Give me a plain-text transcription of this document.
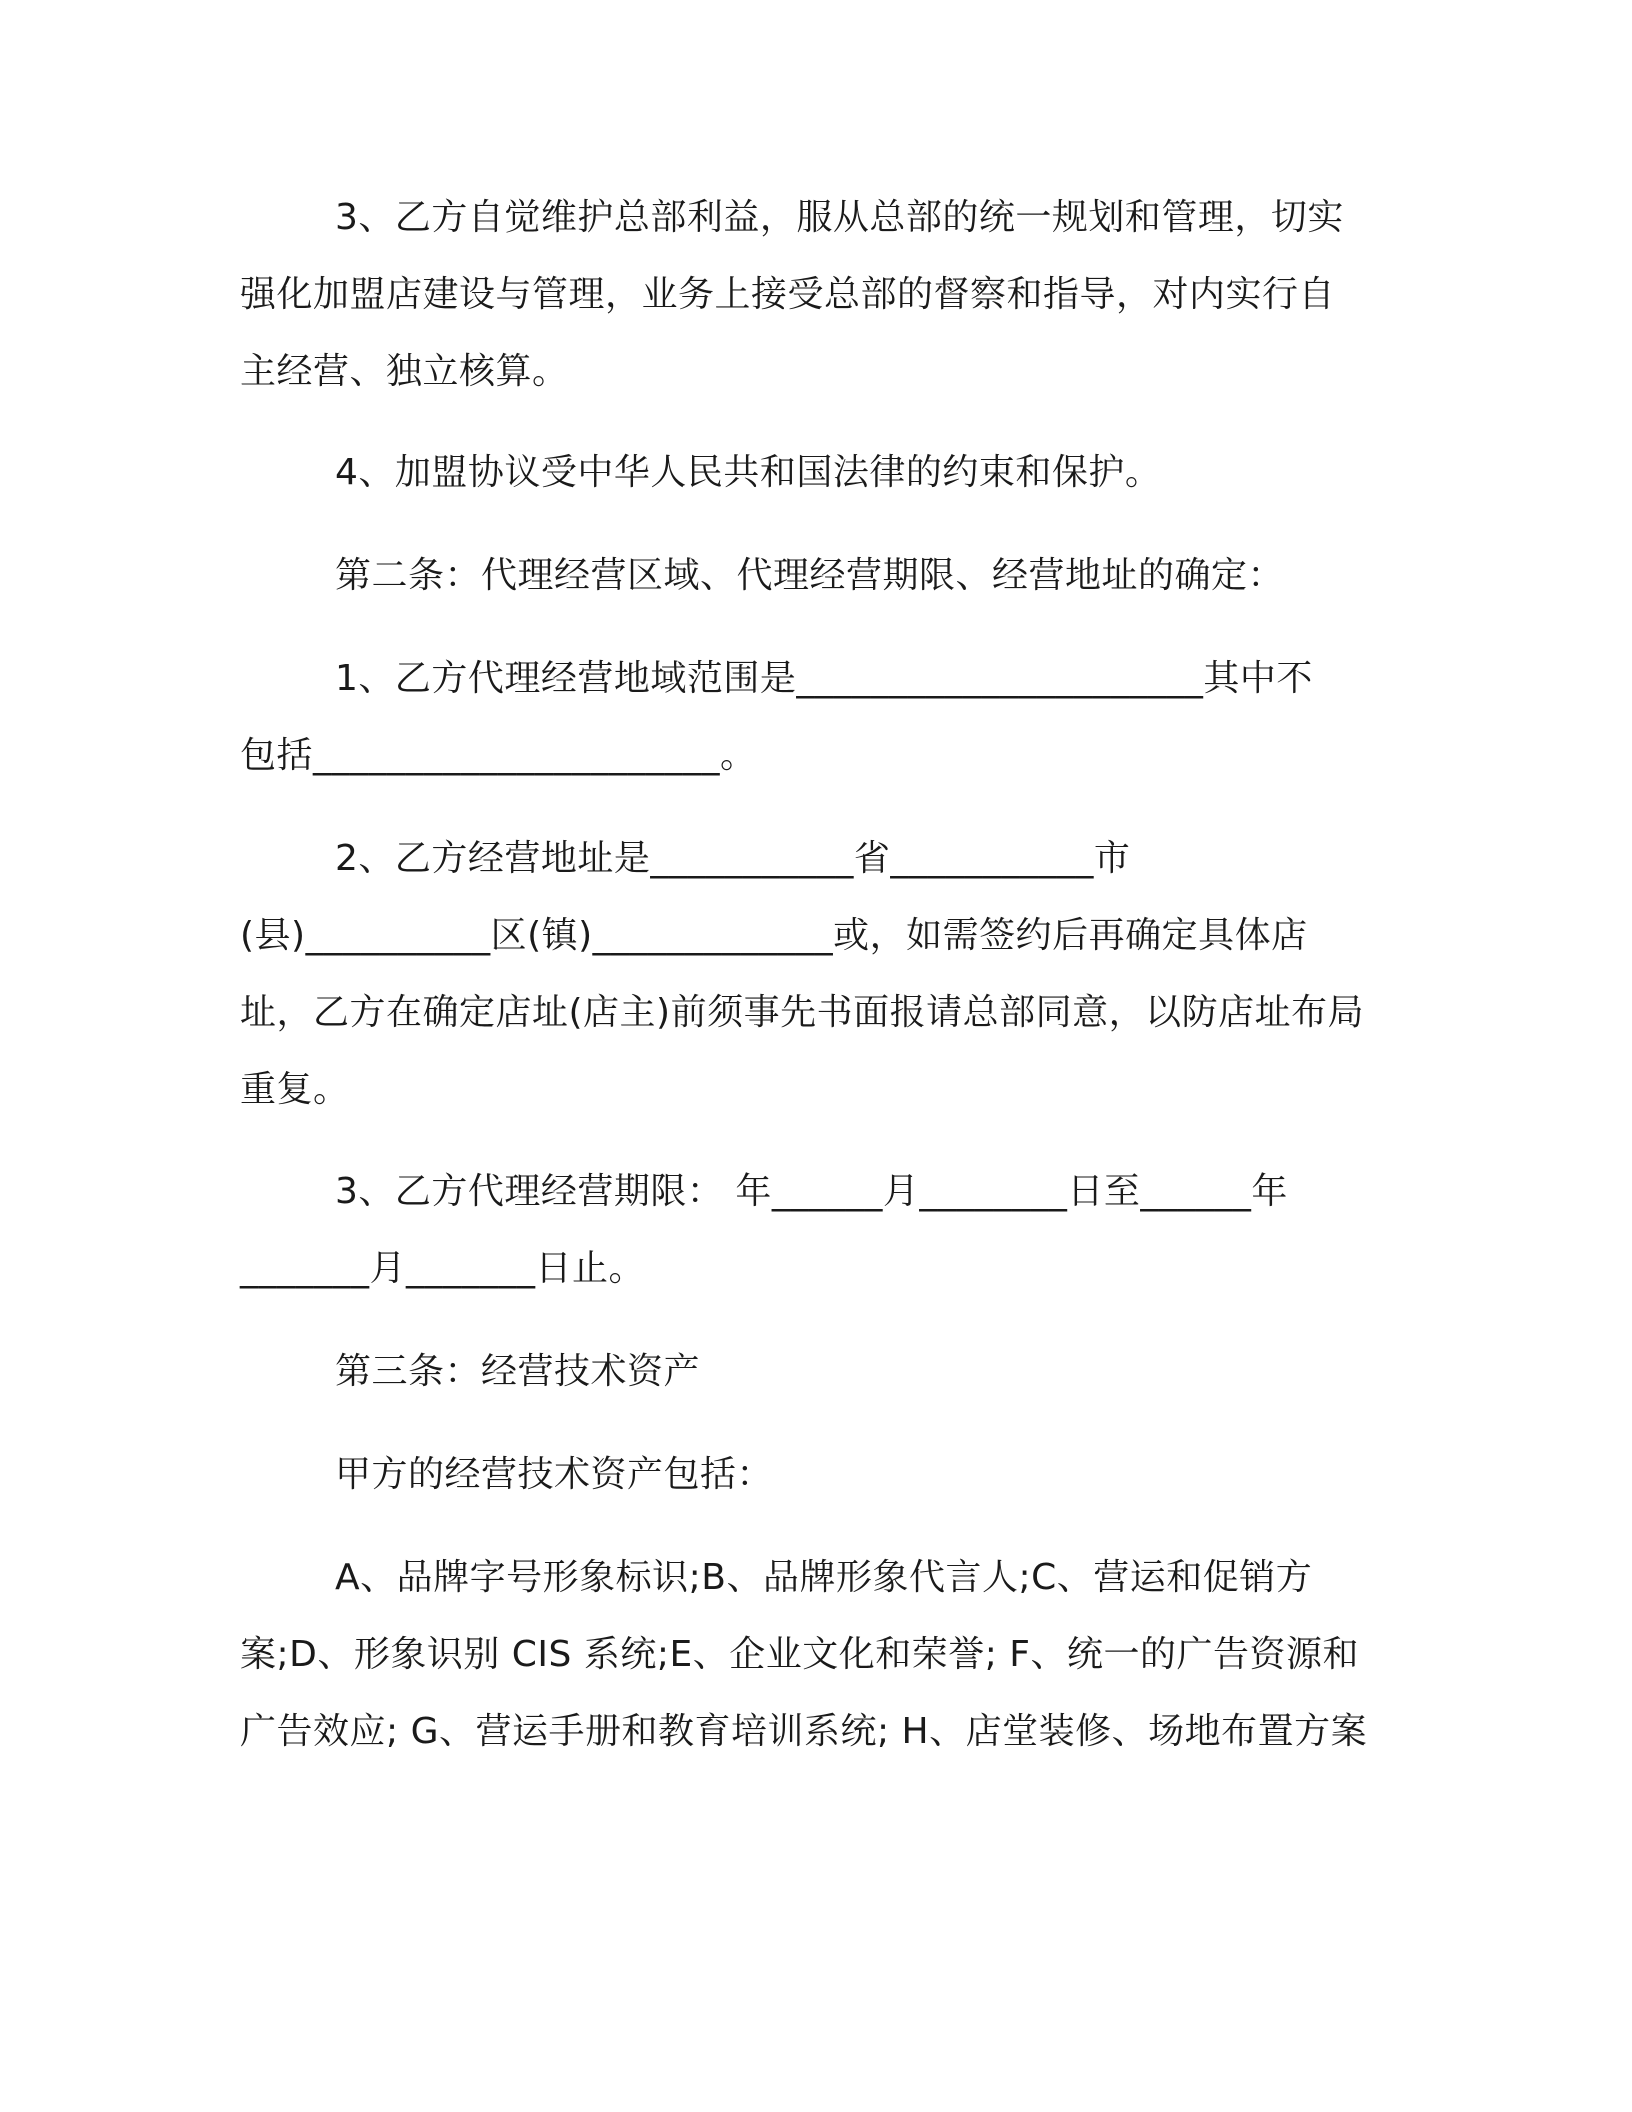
3、乙方自觉维护总部利益，服从总部的统一规划和管理，切实
强化加盟店建设与管理，业务上接受总部的督察和指导，对内实行自
主经营、独立核算。
4、加盟协议受中华人民共和国法律的约束和保护。
第二条：代理经营区域、代理经营期限、经营地址的确定：
1、乙方代理经营地域范围是______________________其中不
包括______________________。
2、乙方经营地址是___________省___________市
(县)__________区(镇)_____________或，如需签约后再确定具体店
址，乙方在确定店址(店主)前须事先书面报请总部同意，以防店址布局
重复。
3、乙方代理经营期限： 年______月________日至______年
_______月_______日止。
第三条：经营技术资产
甲方的经营技术资产包括：
A、品牌字号形象标识;B、品牌形象代言人;C、营运和促销方
案;D、形象识别 CIS 系统;E、企业文化和荣誉; F、统一的广告资源和
广告效应; G、营运手册和教育培训系统; H、店堂装修、场地布置方案
